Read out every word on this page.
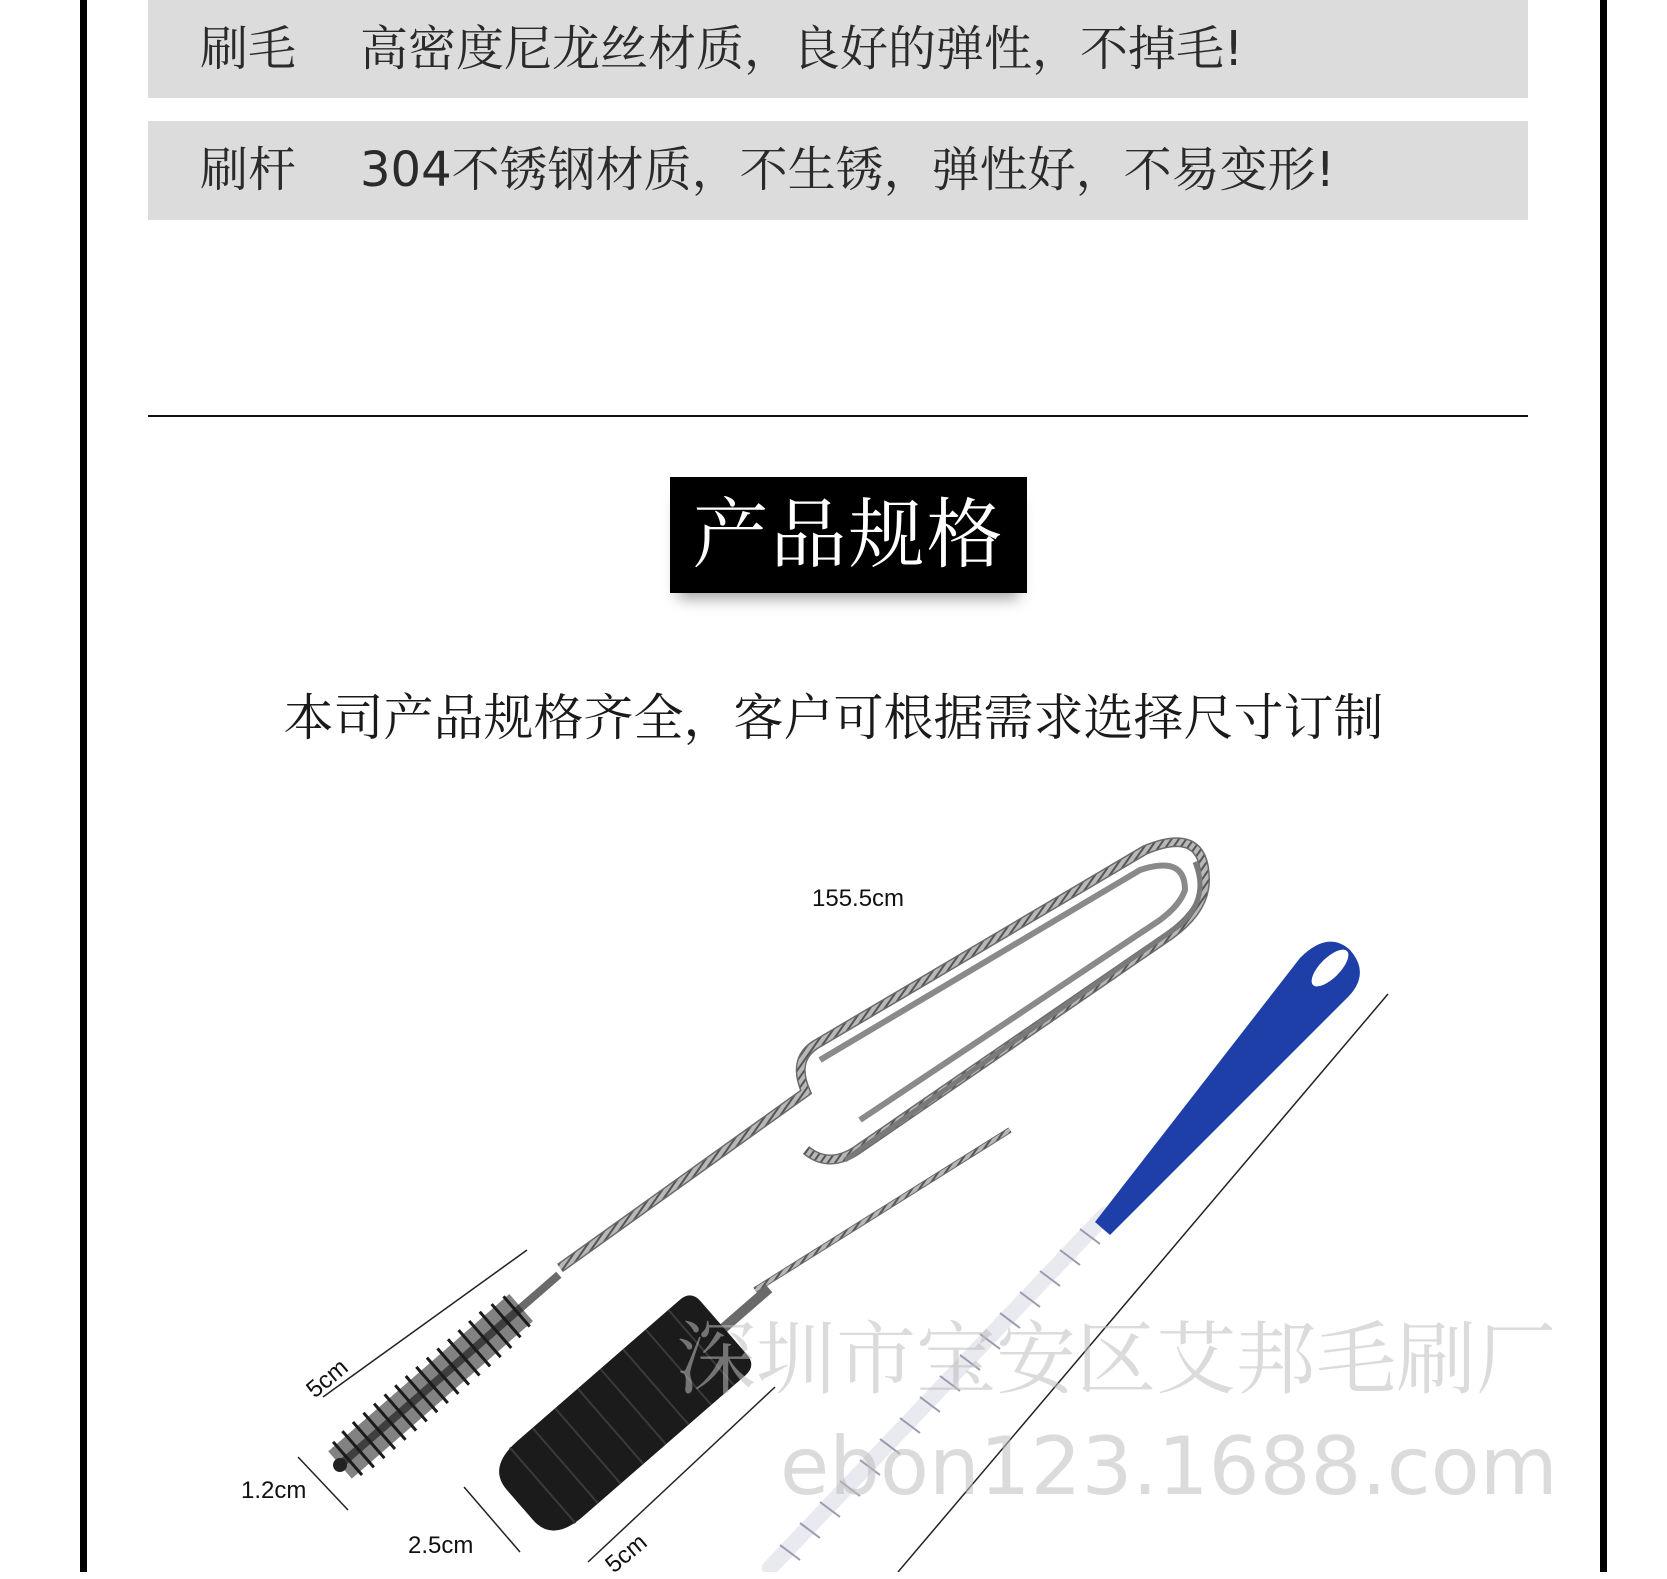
刷毛 高密度尼龙丝材质，良好的弹性，不掉毛!
刷杆 304不锈钢材质，不生锈，弹性好，不易变形!
产品规格
本司产品规格齐全，客户可根据需求选择尺寸订制
155.5cm
5cm
1.2cm
2.5cm	5cm
深圳市宝安区艾邦毛刷厂
ebon123.1688.com
